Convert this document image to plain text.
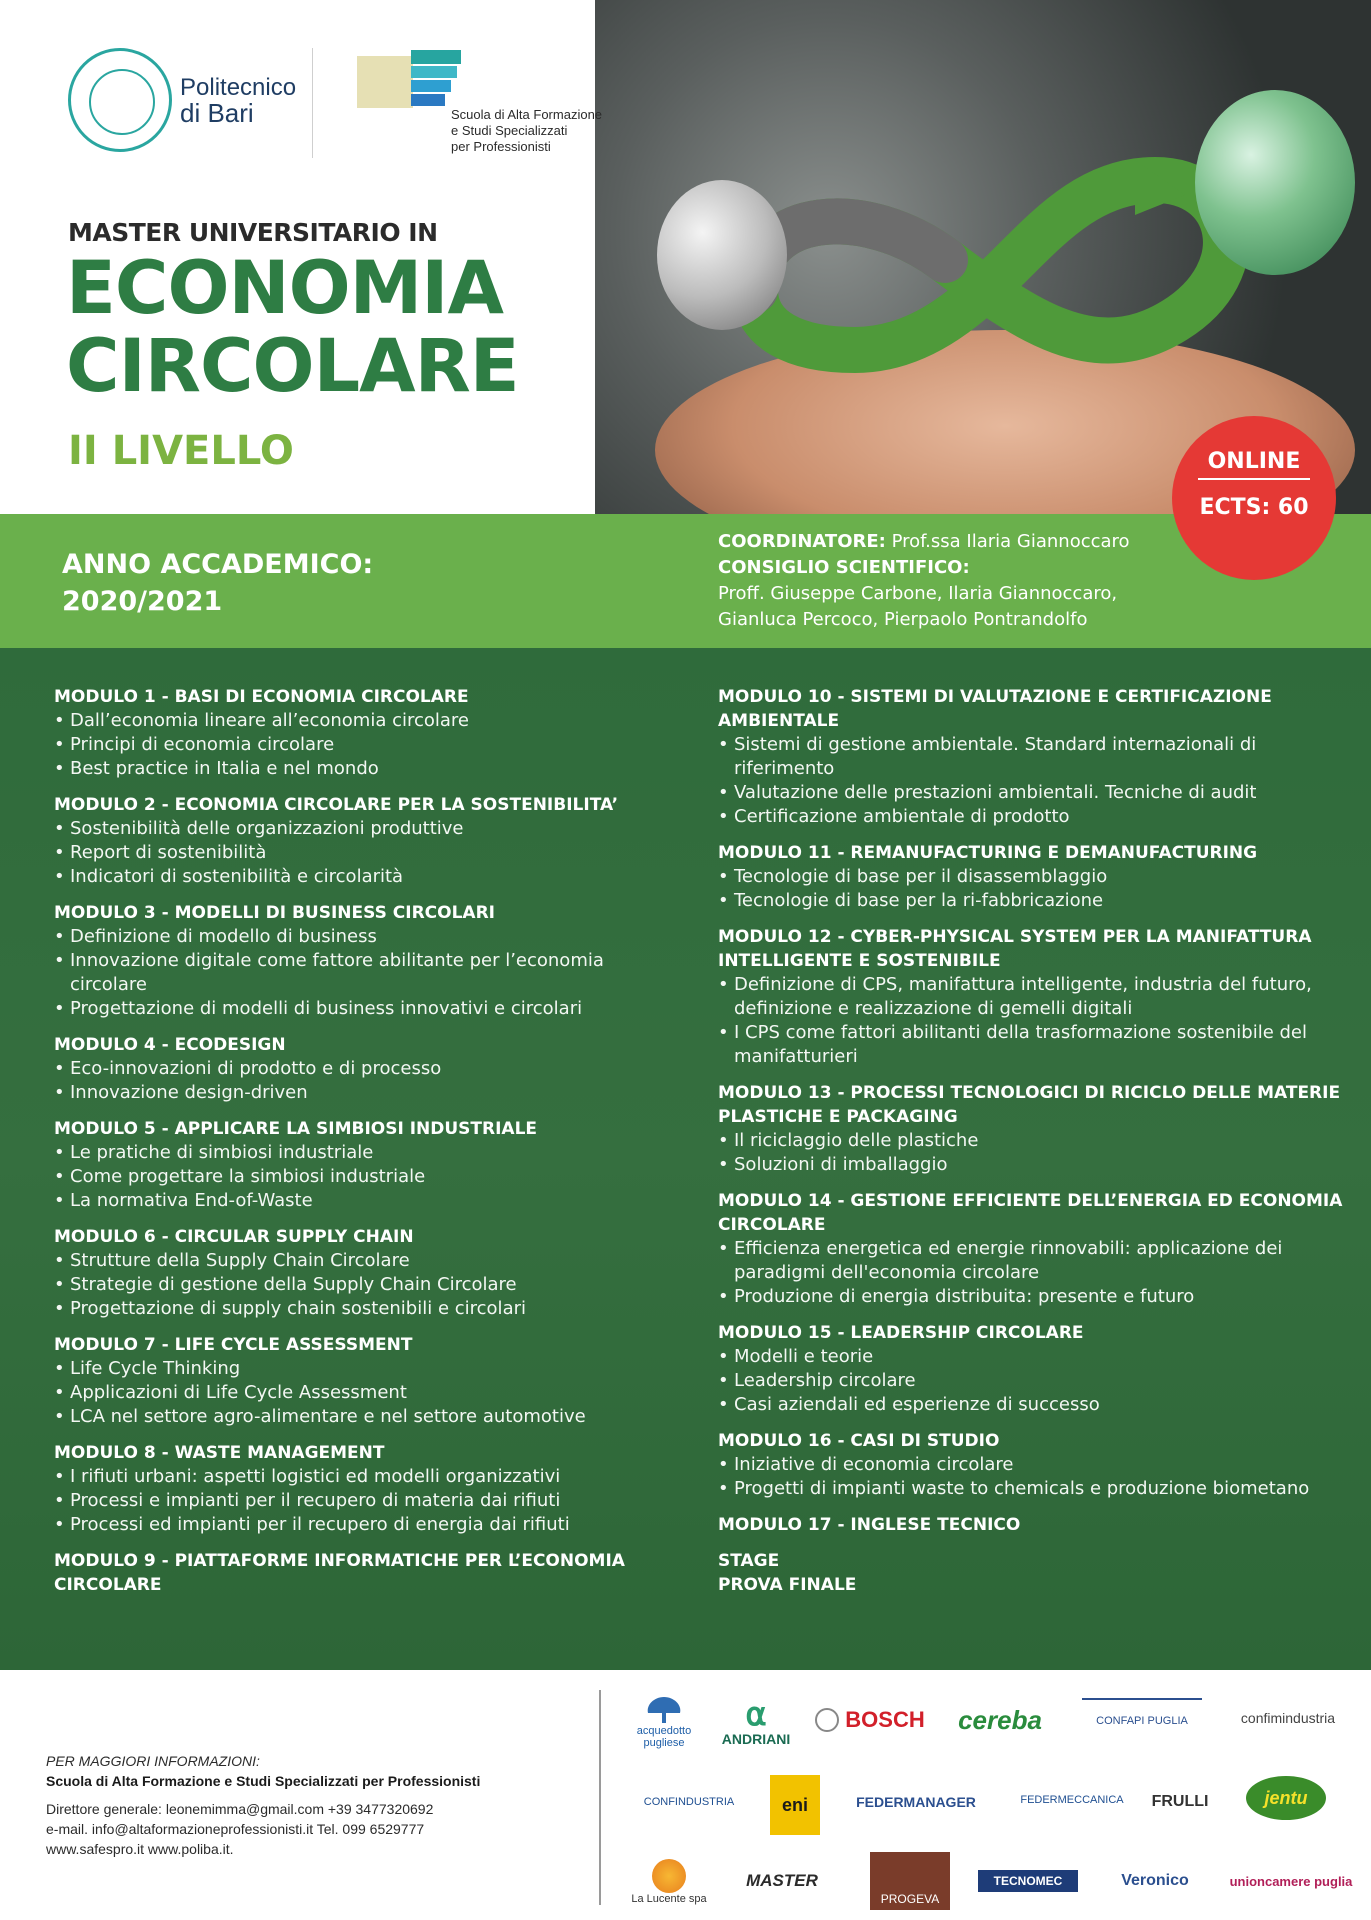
Politecnico
di Bari	Scuola di Alta Formazione
e Studi Specializzati
per Professionisti
MASTER UNIVERSITARIO IN
ECONOMIA
CIRCOLARE
II LIVELLO
ANNO ACCADEMICO:
2020/2021
COORDINATORE: Prof.ssa Ilaria Giannoccaro
CONSIGLIO SCIENTIFICO:
Proff. Giuseppe Carbone, Ilaria Giannoccaro,
Gianluca Percoco, Pierpaolo Pontrandolfo
ONLINE
ECTS: 60
MODULO 1 - BASI DI ECONOMIA CIRCOLARE
• Dall’economia lineare all’economia circolare
• Principi di economia circolare
• Best practice in Italia e nel mondo
MODULO 2 - ECONOMIA CIRCOLARE PER LA SOSTENIBILITA’
• Sostenibilità delle organizzazioni produttive
• Report di sostenibilità
• Indicatori di sostenibilità e circolarità
MODULO 3 - MODELLI DI BUSINESS CIRCOLARI
• Definizione di modello di business
• Innovazione digitale come fattore abilitante per l’economia circolare
• Progettazione di modelli di business innovativi e circolari
MODULO 4 - ECODESIGN
• Eco-innovazioni di prodotto e di processo
• Innovazione design-driven
MODULO 5 - APPLICARE LA SIMBIOSI INDUSTRIALE
• Le pratiche di simbiosi industriale
• Come progettare la simbiosi industriale
• La normativa End-of-Waste
MODULO 6 - CIRCULAR SUPPLY CHAIN
• Strutture della Supply Chain Circolare
• Strategie di gestione della Supply Chain Circolare
• Progettazione di supply chain sostenibili e circolari
MODULO 7 - LIFE CYCLE ASSESSMENT
• Life Cycle Thinking
• Applicazioni di Life Cycle Assessment
• LCA nel settore agro-alimentare e nel settore automotive
MODULO 8 - WASTE MANAGEMENT
• I rifiuti urbani: aspetti logistici ed modelli organizzativi
• Processi e impianti per il recupero di materia dai rifiuti
• Processi ed impianti per il recupero di energia dai rifiuti
MODULO 9 - PIATTAFORME INFORMATICHE PER L’ECONOMIA CIRCOLARE
MODULO 10 - SISTEMI DI VALUTAZIONE E CERTIFICAZIONE AMBIENTALE
• Sistemi di gestione ambientale. Standard internazionali di riferimento
• Valutazione delle prestazioni ambientali. Tecniche di audit
• Certificazione ambientale di prodotto
MODULO 11 - REMANUFACTURING E DEMANUFACTURING
• Tecnologie di base per il disassemblaggio
• Tecnologie di base per la ri-fabbricazione
MODULO 12 - CYBER-PHYSICAL SYSTEM PER LA MANIFATTURA INTELLIGENTE E SOSTENIBILE
• Definizione di CPS, manifattura intelligente, industria del futuro, definizione e realizzazione di gemelli digitali
• I CPS come fattori abilitanti della trasformazione sostenibile del manifatturieri
MODULO 13 - PROCESSI TECNOLOGICI DI RICICLO DELLE MATERIE PLASTICHE E PACKAGING
• Il riciclaggio delle plastiche
• Soluzioni di imballaggio
MODULO 14 - GESTIONE EFFICIENTE DELL’ENERGIA ED ECONOMIA CIRCOLARE
• Efficienza energetica ed energie rinnovabili: applicazione dei paradigmi dell'economia circolare
• Produzione di energia distribuita: presente e futuro
MODULO 15 - LEADERSHIP CIRCOLARE
• Modelli e teorie
• Leadership circolare
• Casi aziendali ed esperienze di successo
MODULO 16 - CASI DI STUDIO
• Iniziative di economia circolare
• Progetti di impianti waste to chemicals e produzione biometano
MODULO 17 - INGLESE TECNICO
STAGE
PROVA FINALE
PER MAGGIORI INFORMAZIONI:
Scuola di Alta Formazione e Studi Specializzati per Professionisti
Direttore generale: leonemimma@gmail.com +39 3477320692
e-mail. info@altaformazioneprofessionisti.it Tel. 099 6529777
www.safespro.it www.poliba.it.
acquedotto pugliese
⍺
ANDRIANI
BOSCH cereba	CONFAPI PUGLIA	confimindustria
CONFINDUSTRIA	eni	FEDERMANAGER	FEDERMECCANICA FRULLI	jentu
La Lucente spa
MASTER
PROGEVA
TECNOMEC	Veronico	unioncamere puglia
